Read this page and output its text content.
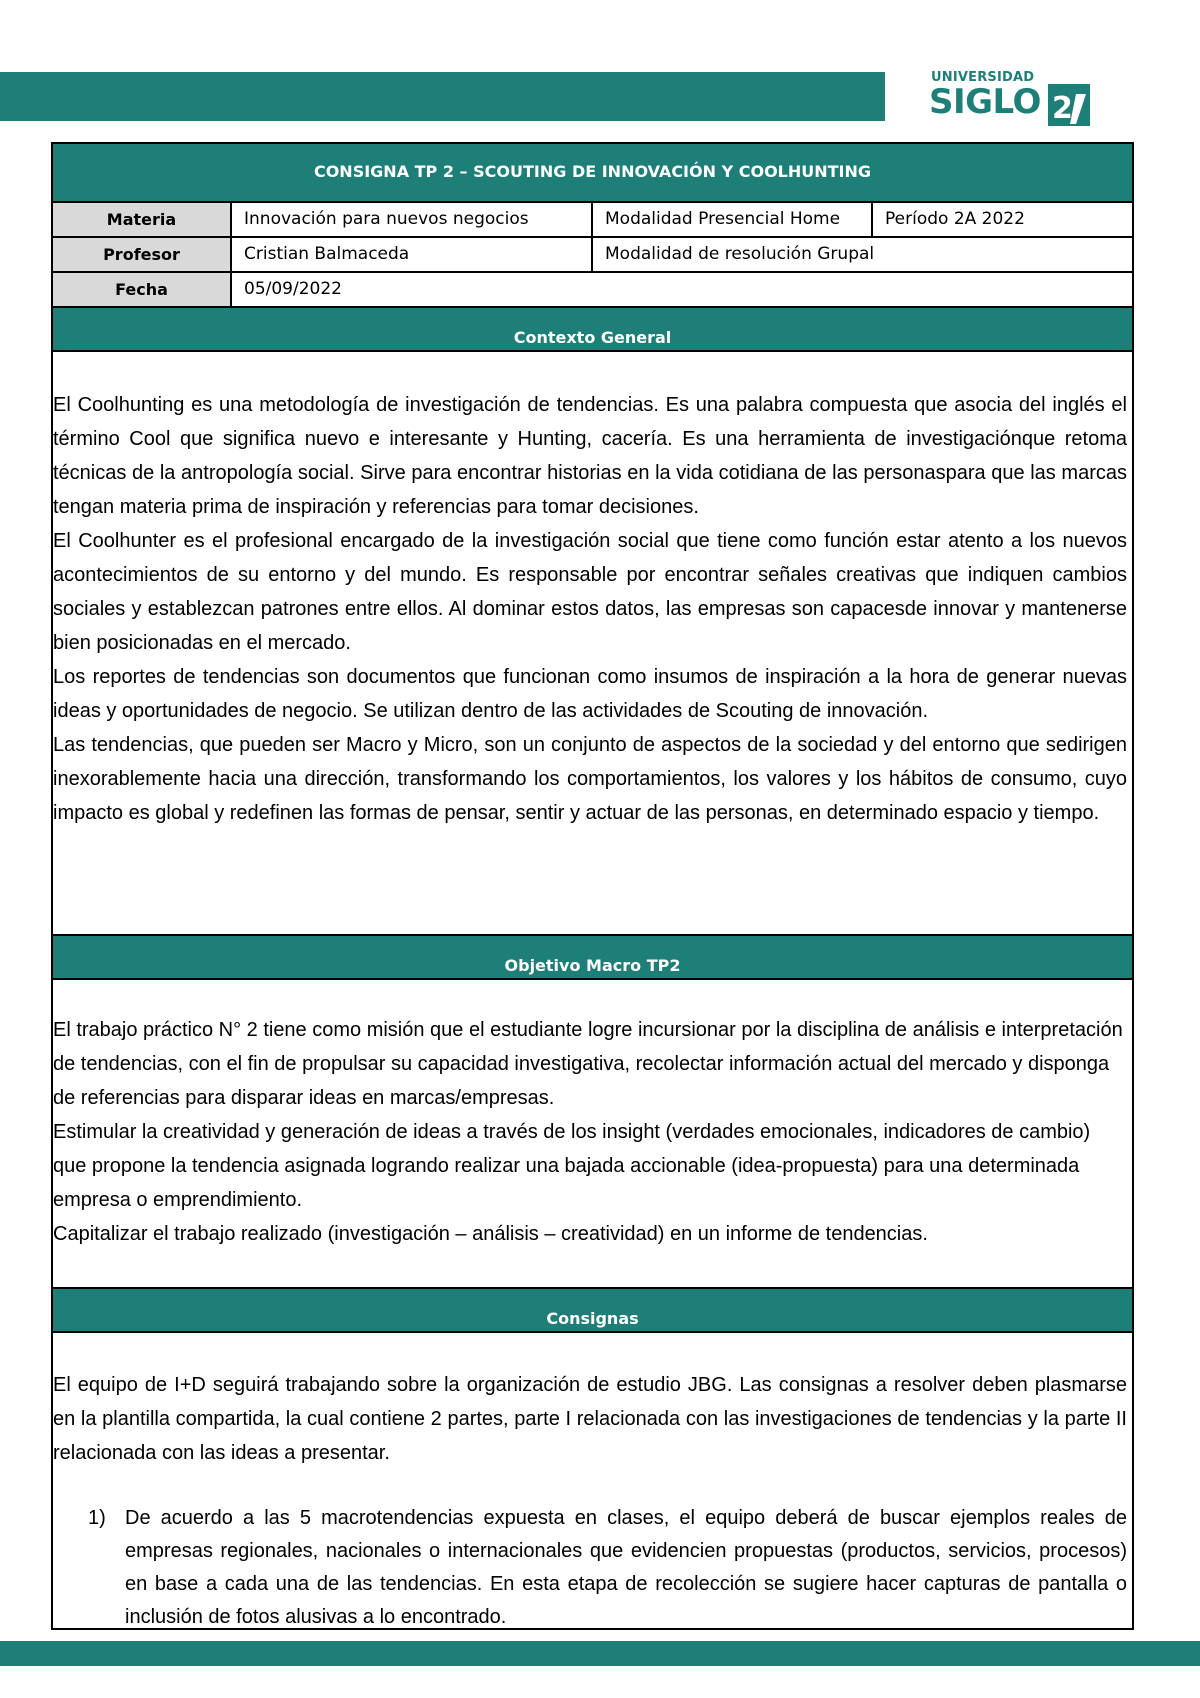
UNIVERSIDAD
SIGLO 2
CONSIGNA TP 2 – SCOUTING DE INNOVACIÓN Y COOLHUNTING
Materia	Innovación para nuevos negocios	Modalidad Presencial Home	Período 2A 2022
Profesor	Cristian Balmaceda	Modalidad de resolución Grupal
Fecha	05/09/2022
Contexto General

El Coolhunting es una metodología de investigación de tendencias. Es una palabra compuesta que asocia del inglés el término Cool que significa nuevo e interesante y Hunting, cacería. Es una herramienta de investigaciónque retoma técnicas de la antropología social. Sirve para encontrar historias en la vida cotidiana de las personaspara que las marcas tengan materia prima de inspiración y referencias para tomar decisiones.

El Coolhunter es el profesional encargado de la investigación social que tiene como función estar atento a los nuevos acontecimientos de su entorno y del mundo. Es responsable por encontrar señales creativas que indiquen cambios sociales y establezcan patrones entre ellos. Al dominar estos datos, las empresas son capacesde innovar y mantenerse bien posicionadas en el mercado.

Los reportes de tendencias son documentos que funcionan como insumos de inspiración a la hora de generar nuevas ideas y oportunidades de negocio. Se utilizan dentro de las actividades de Scouting de innovación.

Las tendencias, que pueden ser Macro y Micro, son un conjunto de aspectos de la sociedad y del entorno que sedirigen inexorablemente hacia una dirección, transformando los comportamientos, los valores y los hábitos de consumo, cuyo impacto es global y redefinen las formas de pensar, sentir y actuar de las personas, en determinado espacio y tiempo.

Objetivo Macro TP2

El trabajo práctico N° 2 tiene como misión que el estudiante logre incursionar por la disciplina de análisis e interpretación de tendencias, con el fin de propulsar su capacidad investigativa, recolectar información actual del mercado y disponga de referencias para disparar ideas en marcas/empresas.

Estimular la creatividad y generación de ideas a través de los insight (verdades emocionales, indicadores de cambio) que propone la tendencia asignada logrando realizar una bajada accionable (idea-propuesta) para una determinada empresa o emprendimiento.

Capitalizar el trabajo realizado (investigación – análisis – creatividad) en un informe de tendencias.

Consignas
El equipo de I+D seguirá trabajando sobre la organización de estudio JBG. Las consignas a resolver deben plasmarse en la plantilla compartida, la cual contiene 2 partes, parte I relacionada con las investigaciones de tendencias y la parte II relacionada con las ideas a presentar.
1) De acuerdo a las 5 macrotendencias expuesta en clases, el equipo deberá de buscar ejemplos reales de empresas regionales, nacionales o internacionales que evidencien propuestas (productos, servicios, procesos) en base a cada una de las tendencias. En esta etapa de recolección se sugiere hacer capturas de pantalla o inclusión de fotos alusivas a lo encontrado.
